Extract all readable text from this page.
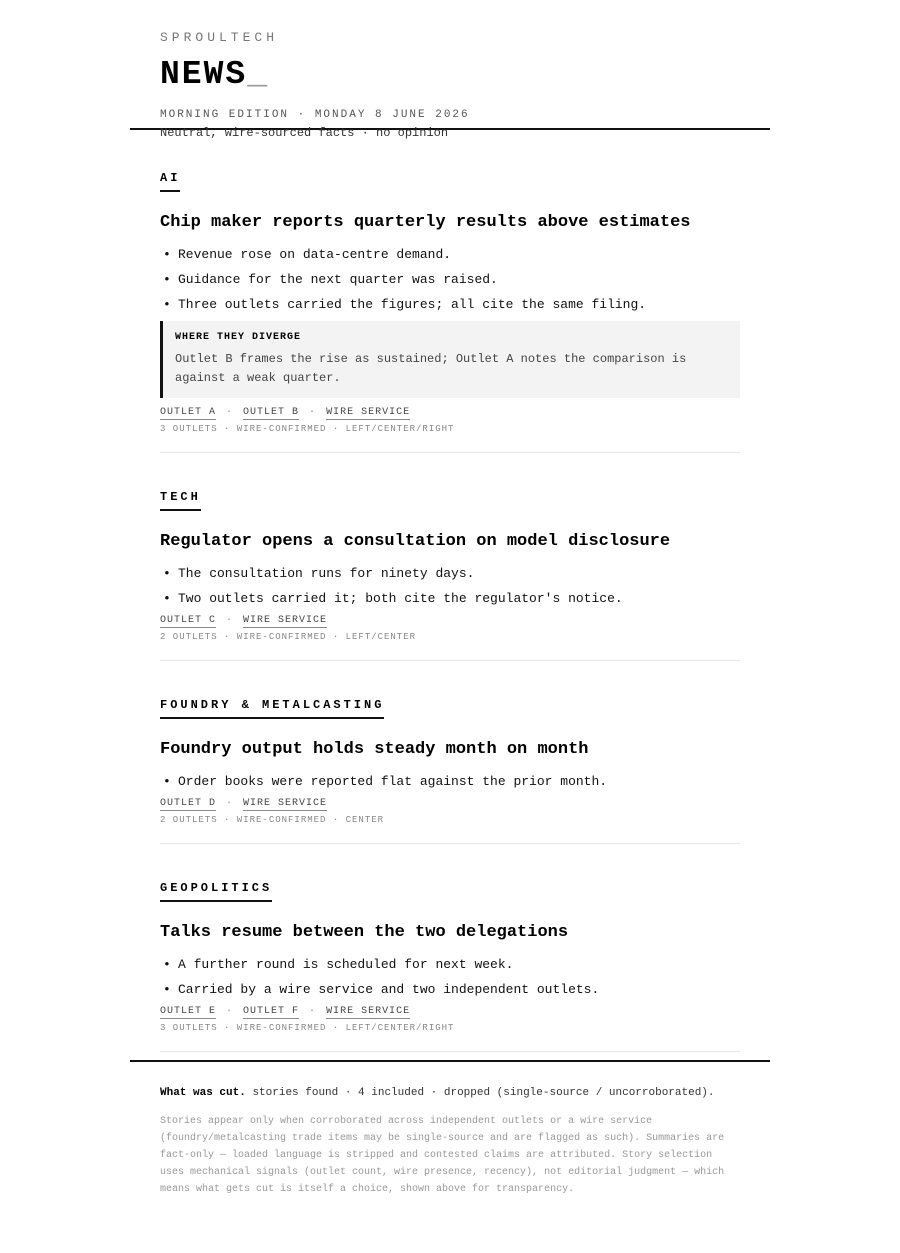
SPROULTECH

NEWS_
MORNING EDITION · MONDAY 8 JUNE 2026
Neutral, wire-sourced facts · no opinion
AI
Chip maker reports quarterly results above estimates
• Revenue rose on data-centre demand.
• Guidance for the next quarter was raised.
• Three outlets carried the figures; all cite the same filing.
WHERE THEY DIVERGE
Outlet B frames the rise as sustained; Outlet A notes the comparison is against a weak quarter.
OUTLET A · OUTLET B · WIRE SERVICE
3 OUTLETS · WIRE-CONFIRMED · LEFT/CENTER/RIGHT
TECH
Regulator opens a consultation on model disclosure
• The consultation runs for ninety days.
• Two outlets carried it; both cite the regulator's notice.
OUTLET C · WIRE SERVICE
2 OUTLETS · WIRE-CONFIRMED · LEFT/CENTER
FOUNDRY & METALCASTING
Foundry output holds steady month on month
• Order books were reported flat against the prior month.
OUTLET D · WIRE SERVICE
2 OUTLETS · WIRE-CONFIRMED · CENTER
GEOPOLITICS
Talks resume between the two delegations
• A further round is scheduled for next week.
• Carried by a wire service and two independent outlets.
OUTLET E · OUTLET F · WIRE SERVICE
3 OUTLETS · WIRE-CONFIRMED · LEFT/CENTER/RIGHT
What was cut. stories found · 4 included · dropped (single-source / uncorroborated).
Stories appear only when corroborated across independent outlets or a wire service (foundry/metalcasting trade items may be single-source and are flagged as such). Summaries are fact-only — loaded language is stripped and contested claims are attributed. Story selection uses mechanical signals (outlet count, wire presence, recency), not editorial judgment — which means what gets cut is itself a choice, shown above for transparency.
